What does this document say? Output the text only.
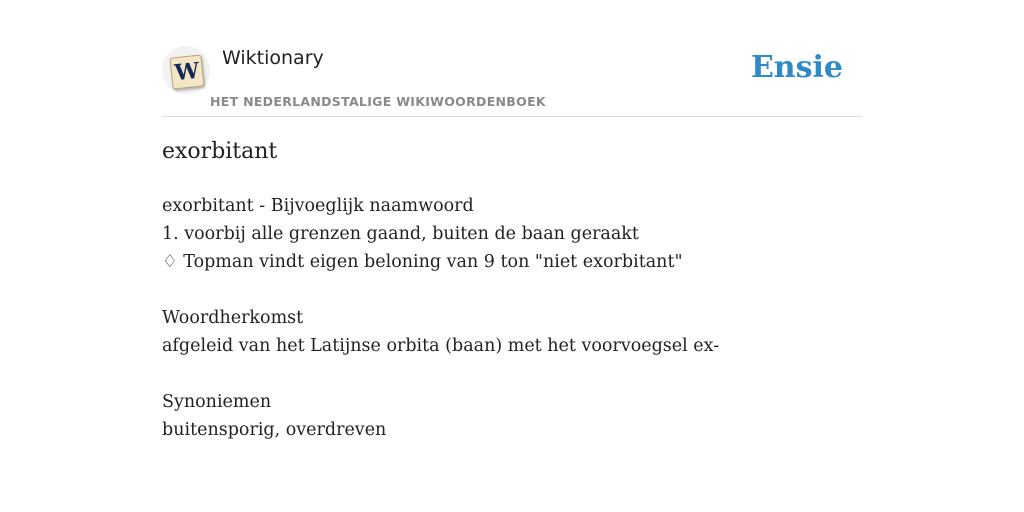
W Wiktionary
HET NEDERLANDSTALIGE WIKIWOORDENBOEK
Ensie
exorbitant
exorbitant - Bijvoeglijk naamwoord
1. voorbij alle grenzen gaand, buiten de baan geraakt
♢ Topman vindt eigen beloning van 9 ton "niet exorbitant"
Woordherkomst
afgeleid van het Latijnse orbita (baan) met het voorvoegsel ex-
Synoniemen
buitensporig, overdreven
